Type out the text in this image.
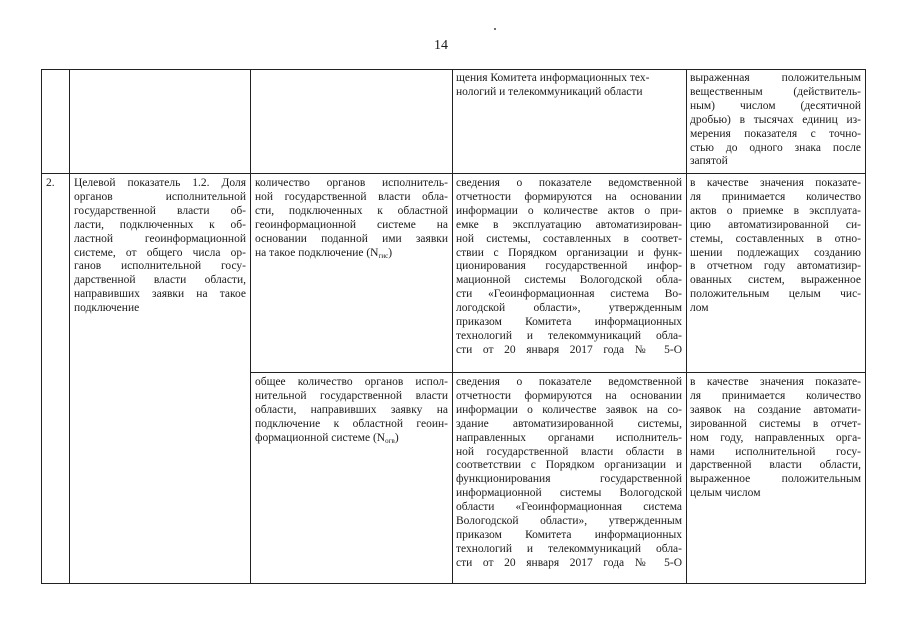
14
щения Комитета информационных тех-
нологий и телекоммуникаций области
выраженная положительным
вещественным (действитель-
ным) числом (десятичной
дробью) в тысячах единиц из-
мерения показателя с точно-
стью до одного знака после
запятой
2.	Целевой показатель 1.2. Доля
органов исполнительной
государственной власти об-
ласти, подключенных к об-
ластной геоинформационной
системе, от общего числа ор-
ганов исполнительной госу-
дарственной власти области,
направивших заявки на такое
подключение
количество органов исполнитель-
ной государственной власти обла-
сти, подключенных к областной
геоинформационной системе на
основании поданной ими заявки
на такое подключение $(N_{гис})$
сведения о показателе ведомственной
отчетности формируются на основании
информации о количестве актов о при-
емке в эксплуатацию автоматизирован-
ной системы, составленных в соответ-
ствии с Порядком организации и функ-
ционирования государственной инфор-
мационной системы Вологодской обла-
сти «Геоинформационная система Во-
логодской области», утвержденным
приказом Комитета информационных
технологий и телекоммуникаций обла-
сти от 20 января 2017 года № 5-О
в качестве значения показате-
ля принимается количество
актов о приемке в эксплуата-
цию автоматизированной си-
стемы, составленных в отно-
шении подлежащих созданию
в отчетном году автоматизир-
ованных систем, выраженное
положительным целым чис-
лом
общее количество органов испол-
нительной государственной власти
области, направивших заявку на
подключение к областной геоин-
формационной системе $(N_{огв})$
сведения о показателе ведомственной
отчетности формируются на основании
информации о количестве заявок на со-
здание автоматизированной системы,
направленных органами исполнитель-
ной государственной власти области в
соответствии с Порядком организации и
функционирования государственной
информационной системы Вологодской
области «Геоинформационная система
Вологодской области», утвержденным
приказом Комитета информационных
технологий и телекоммуникаций обла-
сти от 20 января 2017 года № 5-О
в качестве значения показате-
ля принимается количество
заявок на создание автомати-
зированной системы в отчет-
ном году, направленных орга-
нами исполнительной госу-
дарственной власти области,
выраженное положительным
целым числом
